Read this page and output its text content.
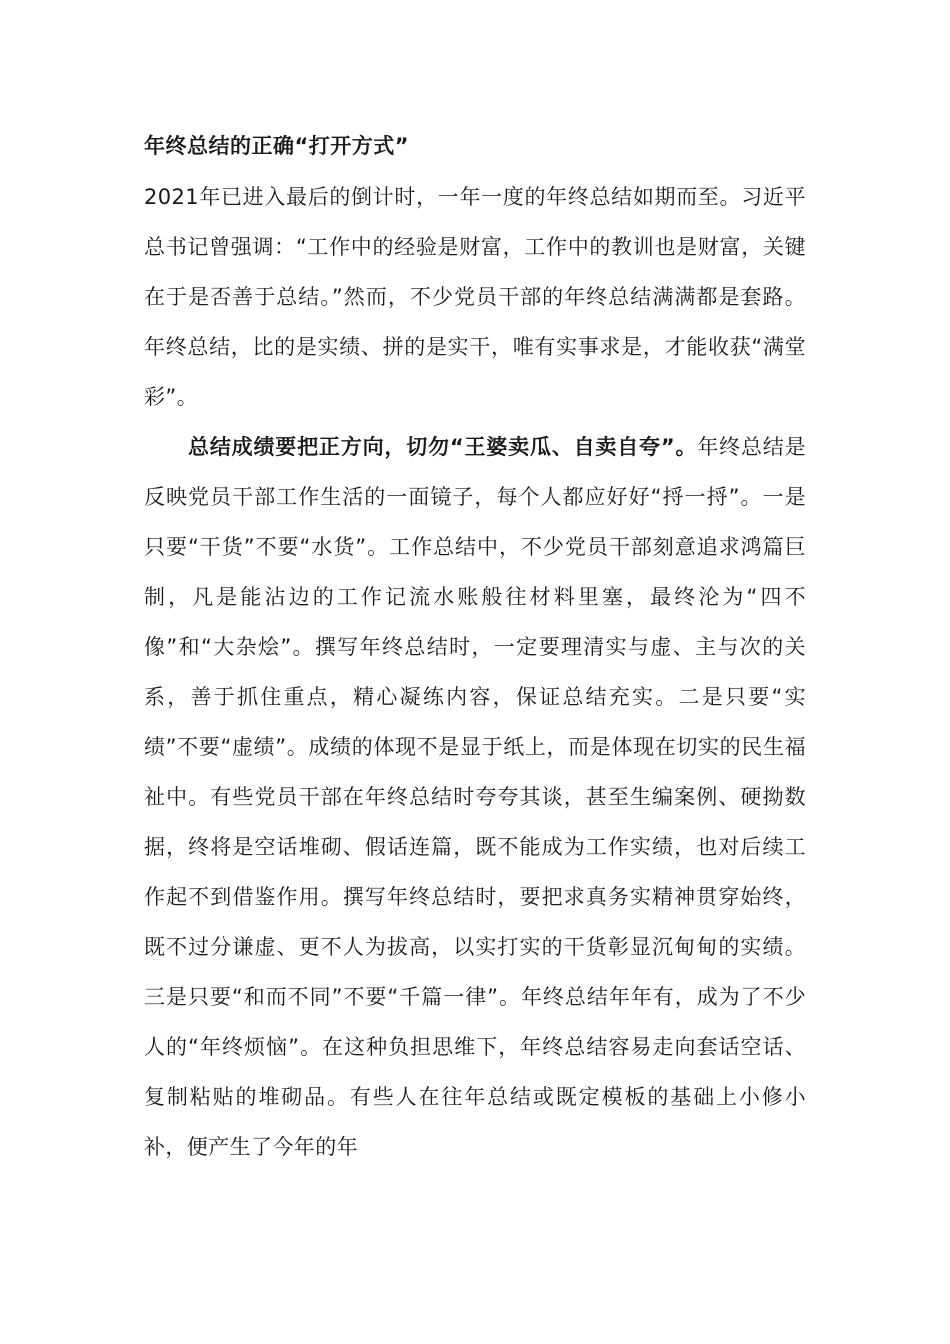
年终总结的正确“打开方式”

2021年已进入最后的倒计时，一年一度的年终总结如期而至。习近平总书记曾强调：“工作中的经验是财富，工作中的教训也是财富，关键在于是否善于总结。”然而，不少党员干部的年终总结满满都是套路。年终总结，比的是实绩、拼的是实干，唯有实事求是，才能收获“满堂彩”。

总结成绩要把正方向，切勿“王婆卖瓜、自卖自夸”。年终总结是反映党员干部工作生活的一面镜子，每个人都应好好“捋一捋”。一是只要“干货”不要“水货”。工作总结中，不少党员干部刻意追求鸿篇巨制，凡是能沾边的工作记流水账般往材料里塞，最终沦为“四不像”和“大杂烩”。撰写年终总结时，一定要理清实与虚、主与次的关系，善于抓住重点，精心凝练内容，保证总结充实。二是只要“实绩”不要“虚绩”。成绩的体现不是显于纸上，而是体现在切实的民生福祉中。有些党员干部在年终总结时夸夸其谈，甚至生编案例、硬拗数据，终将是空话堆砌、假话连篇，既不能成为工作实绩，也对后续工作起不到借鉴作用。撰写年终总结时，要把求真务实精神贯穿始终，既不过分谦虚、更不人为拔高，以实打实的干货彰显沉甸甸的实绩。三是只要“和而不同”不要“千篇一律”。年终总结年年有，成为了不少人的“年终烦恼”。在这种负担思维下，年终总结容易走向套话空话、复制粘贴的堆砌品。有些人在往年总结或既定模板的基础上小修小补，便产生了今年的年
